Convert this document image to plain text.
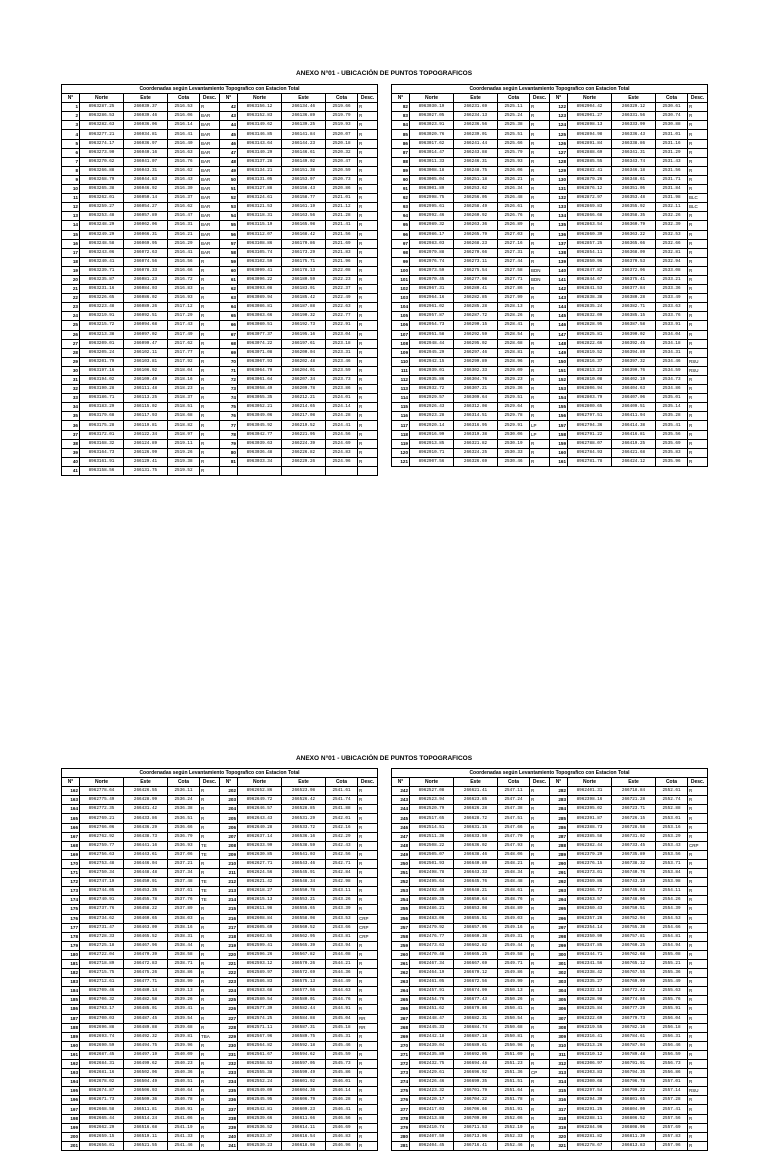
ANEXO N°01 - UBICACIÓN DE PUNTOS TOPOGRAFICOS
ANEXO N°01 - UBICACIÓN DE PUNTOS TOPOGRAFICOS
Coordenadas según Levantamiento Topografico con Estacion Total									
N°	Norte	Este	Cota	Desc.	N°	Norte	Este	Cota	Desc.
1	8963287.25	266039.37	2516.53	R	42	8963156.12	266134.46	2519.66	R
2	8963286.53	266039.46	2516.06	BAR	43	8963152.83	266136.89	2519.79	R
3	8963282.63	266036.06	2516.14	BAR	44	8963149.62	266139.25	2519.93	R
4	8963277.21	266034.81	2516.41	BAR	45	8963146.85	266141.84	2520.07	R
5	8963274.17	266036.97	2516.40	BAR	46	8963143.64	266144.23	2520.18	R
6	8963273.90	266040.16	2516.63	BAR	47	8963140.29	266146.61	2520.32	R
7	8963270.62	266041.07	2516.76	BAR	48	8963137.28	266149.02	2520.47	R
8	8963266.88	266043.31	2516.62	BAR	49	8963134.21	266151.38	2520.59	R
9	8963268.79	266044.83	2516.43	BAR	50	8963131.05	266153.97	2520.73	R
10	8963265.38	266046.92	2516.30	BAR	51	8963127.88	266156.43	2520.86	R
11	8963262.01	266050.14	2516.37	BAR	52	8963124.61	266158.77	2521.01	R
12	8963259.27	266054.27	2516.62	BAR	53	8963121.53	266161.19	2521.12	R
13	8963253.48	266057.89	2516.47	BAR	54	8963118.31	266163.56	2521.28	R
14	8963248.29	266062.06	2516.31	BAR	55	8963115.19	266165.98	2521.41	R
15	8963249.29	266066.31	2516.21	BAR	56	8963112.07	266168.42	2521.56	R
16	8963248.58	266069.95	2516.29	BAR	57	8963108.86	266170.86	2521.69	R
17	8963243.06	266072.63	2516.41	BAR	58	8963105.74	266173.29	2521.83	R
18	8963240.41	266074.56	2516.56	R	59	8963102.59	266175.71	2521.96	R
19	8963239.71	266078.33	2516.66	R	60	8963099.41	266178.13	2522.08	R
20	8963235.87	266081.23	2516.72	R	61	8963096.22	266180.59	2522.23	R
21	8963231.16	266084.03	2516.83	R	62	8963093.08	266183.01	2522.37	R
22	8963226.65	266086.02	2516.93	R	63	8963089.94	266185.42	2522.49	R
23	8963223.48	266089.26	2517.12	R	64	8963086.81	266187.88	2522.63	R
24	8963219.91	266092.51	2517.29	R	65	8963083.66	266190.32	2522.77	R
25	8963215.72	266094.68	2517.43	R	66	8963080.51	266192.73	2522.91	R
26	8963213.38	266097.02	2517.49	R	67	8963077.37	266195.16	2523.04	R
27	8963209.01	266099.47	2517.62	R	68	8963074.22	266197.61	2523.18	R
28	8963205.24	266102.11	2517.77	R	69	8963071.08	266200.04	2523.31	R
29	8963201.79	266103.81	2517.92	R	70	8963067.93	266202.48	2523.46	R
30	8963197.16	266106.92	2518.04	R	71	8963064.79	266204.91	2523.59	R
31	8963194.02	266109.49	2518.16	R	72	8963061.64	266207.34	2523.73	R
32	8963190.28	266111.48	2518.23	R	73	8963058.49	266209.78	2523.86	R
33	8963186.71	266113.25	2518.37	R	74	8963055.35	266212.21	2524.01	R
34	8963183.29	266115.02	2518.51	R	75	8963052.21	266214.65	2524.14	R
35	8963179.68	266117.93	2518.68	R	76	8963049.06	266217.08	2524.28	R
36	8963175.28	266119.81	2518.82	R	77	8963045.92	266219.52	2524.41	R
37	8963172.01	266122.34	2518.97	R	78	8963042.77	266221.95	2524.56	R
38	8963168.32	266124.89	2519.11	R	79	8963039.63	266224.39	2524.69	R
39	8963164.73	266126.99	2519.26	R	80	8963036.48	266226.82	2524.83	R
40	8963161.91	266129.41	2519.38	R	81	8963033.34	266229.26	2524.96	R
41	8963158.56	266131.75	2519.52	R					
Coordenadas según Levantamiento Topografico con Estacion Total									
N°	Norte	Este	Cota	Desc.	N°	Norte	Este	Cota	Desc.
82	8963030.19	266231.69	2525.11	R	122	8962904.42	266329.12	2530.61	R
83	8963027.05	266234.13	2525.24	R	123	8962901.27	266331.56	2530.74	R
84	8963023.91	266236.56	2525.38	R	124	8962898.13	266333.99	2530.88	R
85	8963020.76	266239.01	2525.51	R	125	8962894.98	266336.43	2531.01	R
86	8963017.62	266241.44	2525.66	R	126	8962891.84	266338.86	2531.16	R
87	8963014.47	266243.88	2525.79	R	127	8962888.69	266341.31	2531.29	R
88	8963011.33	266246.31	2525.93	R	128	8962885.55	266343.74	2531.43	R
89	8963008.18	266248.75	2526.06	R	129	8962882.41	266346.18	2531.56	R
90	8963005.04	266251.18	2526.21	R	130	8962879.26	266348.61	2531.71	R
91	8963001.89	266253.62	2526.34	R	131	8962876.12	266351.05	2531.84	R
92	8962998.75	266256.05	2526.48	R	132	8962872.97	266353.48	2531.98	BLC
93	8962995.61	266258.49	2526.61	R	133	8962869.83	266355.92	2532.11	BLC
94	8962992.46	266260.92	2526.76	R	134	8962866.68	266358.35	2532.26	R
95	8962989.32	266263.36	2526.89	R	135	8962863.54	266360.79	2532.39	R
96	8962986.17	266265.79	2527.03	R	136	8962860.39	266363.22	2532.53	R
97	8962983.03	266268.23	2527.16	R	137	8962857.25	266365.66	2532.66	R
98	8962979.88	266270.66	2527.31	R	138	8962854.11	266368.09	2532.81	R
99	8962976.74	266273.11	2527.44	R	139	8962850.96	266370.53	2532.94	R
100	8962973.59	266275.54	2527.58	BDN	140	8962847.82	266372.96	2533.08	R
101	8962970.45	266277.98	2527.71	BDN	141	8962844.67	266375.41	2533.21	R
102	8962967.31	266280.41	2527.86	R	142	8962841.53	266377.84	2533.36	R
103	8962964.16	266282.85	2527.99	R	143	8962838.38	266380.28	2533.49	R
104	8962961.02	266285.28	2528.13	R	144	8962835.24	266382.71	2533.63	R
105	8962957.87	266287.72	2528.26	R	145	8962832.09	266385.15	2533.76	R
106	8962954.73	266290.15	2528.41	R	146	8962828.95	266387.58	2533.91	R
107	8962951.58	266292.59	2528.54	R	147	8962825.81	266390.02	2534.04	R
108	8962948.44	266295.02	2528.68	R	148	8962822.66	266392.45	2534.18	R
109	8962945.29	266297.46	2528.81	R	149	8962819.52	266394.89	2534.31	R
110	8962942.15	266299.89	2528.96	R	150	8962816.37	266397.32	2534.46	RSU
111	8962939.01	266302.33	2529.09	R	151	8962813.23	266399.76	2534.59	RSU
112	8962935.86	266304.76	2529.23	R	152	8962810.08	266402.19	2534.73	R
113	8962932.72	266307.21	2529.36	R	153	8962806.94	266404.63	2534.86	R
114	8962929.57	266309.64	2529.51	R	154	8962803.79	266407.06	2535.01	R
115	8962926.43	266312.08	2529.64	R	155	8962800.65	266409.51	2535.14	R
116	8962923.28	266314.51	2529.78	R	156	8962797.51	266411.94	2535.28	R
117	8962920.14	266316.95	2529.91	LP	157	8962794.36	266414.38	2535.41	R
118	8962916.99	266319.38	2530.06	LP	158	8962791.22	266416.81	2535.56	R
119	8962913.85	266321.82	2530.19	R	159	8962788.07	266419.25	2535.69	R
120	8962910.71	266324.25	2530.33	R	160	8962784.93	266421.68	2535.83	R
121	8962907.56	266326.69	2530.46	R	161	8962781.78	266424.12	2535.96	R
Coordenadas según Levantamiento Topografico con Estacion Total									
N°	Norte	Este	Cota	Desc.	N°	Norte	Este	Cota	Desc.
162	8962778.64	266426.55	2536.11	R	202	8962652.86	266523.98	2541.61	R
163	8962775.49	266428.99	2536.24	R	203	8962649.72	266526.42	2541.74	R
164	8962772.35	266431.42	2536.38	R	204	8962646.57	266528.85	2541.88	R
165	8962769.21	266433.86	2536.51	R	205	8962643.43	266531.29	2542.01	R
166	8962766.06	266436.29	2536.66	R	206	8962640.28	266533.72	2542.16	R
167	8962762.92	266438.73	2536.79	R	207	8962637.14	266536.16	2542.29	R
168	8962759.77	266441.16	2536.93	TE	208	8962633.99	266538.59	2542.43	R
169	8962756.63	266443.61	2537.06	TE	209	8962630.85	266541.03	2542.56	R
170	8962753.48	266446.04	2537.21	R	210	8962627.71	266543.46	2542.71	R
171	8962750.34	266448.48	2537.34	R	211	8962624.56	266545.91	2542.84	R
172	8962747.19	266450.91	2537.48	TE	212	8962621.42	266548.34	2542.98	R
173	8962744.05	266453.35	2537.61	TE	213	8962618.27	266550.78	2543.11	R
174	8962740.91	266455.78	2537.76	TE	214	8962615.13	266553.21	2543.26	R
175	8962737.76	266458.22	2537.89	R	215	8962611.98	266555.65	2543.39	R
176	8962734.62	266460.65	2538.03	R	216	8962608.84	266558.08	2543.53	CRP
177	8962731.47	266463.09	2538.16	R	217	8962605.69	266560.52	2543.66	CRP
178	8962728.33	266465.52	2538.31	R	218	8962602.55	266562.95	2543.81	CRP
179	8962725.18	266467.96	2538.44	R	219	8962599.41	266565.39	2543.94	R
180	8962722.04	266470.39	2538.58	R	220	8962596.26	266567.82	2544.08	R
181	8962718.89	266472.83	2538.71	R	221	8962593.12	266570.26	2544.21	R
182	8962715.75	266475.26	2538.86	R	222	8962589.97	266572.69	2544.36	R
183	8962712.61	266477.71	2538.99	R	223	8962586.83	266575.13	2544.49	R
184	8962709.46	266480.14	2539.13	R	224	8962583.68	266577.56	2544.63	R
185	8962706.32	266482.58	2539.26	R	225	8962580.54	266580.01	2544.76	R
186	8962703.17	266485.01	2539.41	R	226	8962577.39	266582.44	2544.91	R
187	8962700.03	266487.45	2539.54	R	227	8962574.25	266584.88	2545.04	RR
188	8962696.88	266489.88	2539.68	R	228	8962571.11	266587.31	2545.18	RR
189	8962693.74	266492.32	2539.81	TBA	229	8962567.96	266589.75	2545.31	R
190	8962690.59	266494.75	2539.96	R	230	8962564.82	266592.18	2545.46	R
191	8962687.45	266497.19	2540.09	R	231	8962561.67	266594.62	2545.59	R
192	8962684.31	266499.62	2540.23	R	232	8962558.53	266597.05	2545.73	R
193	8962681.16	266502.06	2540.36	R	233	8962555.38	266599.49	2545.86	R
194	8962678.02	266504.49	2540.51	R	234	8962552.24	266601.92	2546.01	R
195	8962674.87	266506.93	2540.64	R	235	8962549.09	266604.36	2546.14	R
196	8962671.73	266509.36	2540.78	R	236	8962545.95	266606.79	2546.28	R
197	8962668.58	266511.81	2540.91	R	237	8962542.81	266609.23	2546.41	R
198	8962665.44	266514.24	2541.06	R	238	8962539.66	266611.66	2546.56	R
199	8962662.29	266516.68	2541.19	R	239	8962536.52	266614.11	2546.69	R
200	8962659.15	266519.11	2541.33	R	240	8962533.37	266616.54	2546.83	R
201	8962656.01	266521.55	2541.46	R	241	8962530.23	266618.98	2546.96	R
Coordenadas según Levantamiento Topografico con Estacion Total									
N°	Norte	Este	Cota	Desc.	N°	Norte	Este	Cota	Desc.
242	8962527.08	266621.41	2547.11	R	282	8962401.31	266718.84	2552.61	R
243	8962523.94	266623.85	2547.24	R	283	8962398.16	266721.28	2552.74	R
244	8962520.79	266626.28	2547.38	R	284	8962395.02	266723.71	2552.88	R
245	8962517.65	266628.72	2547.51	R	285	8962391.87	266726.15	2553.01	R
246	8962514.51	266631.15	2547.66	R	286	8962388.73	266728.58	2553.16	R
247	8962511.36	266633.59	2547.79	R	287	8962385.58	266731.02	2553.29	R
248	8962508.22	266636.02	2547.93	R	288	8962382.44	266733.45	2553.43	CRP
249	8962505.07	266638.46	2548.06	R	289	8962379.29	266735.89	2553.56	R
250	8962501.93	266640.89	2548.21	R	290	8962376.15	266738.32	2553.71	R
251	8962498.78	266643.33	2548.34	R	291	8962373.01	266740.76	2553.84	R
252	8962495.64	266645.76	2548.48	R	292	8962369.86	266743.19	2553.98	R
253	8962492.49	266648.21	2548.61	R	293	8962366.72	266745.63	2554.11	R
254	8962489.35	266650.64	2548.76	R	294	8962363.57	266748.06	2554.26	R
255	8962486.21	266653.08	2548.89	R	295	8962360.43	266750.51	2554.39	R
256	8962483.06	266655.51	2549.03	R	296	8962357.28	266752.94	2554.53	R
257	8962479.92	266657.95	2549.16	R	297	8962354.14	266755.38	2554.66	R
258	8962476.77	266660.38	2549.31	R	298	8962350.99	266757.81	2554.81	R
259	8962473.63	266662.82	2549.44	R	299	8962347.85	266760.25	2554.94	R
260	8962470.48	266665.25	2549.58	R	300	8962344.71	266762.68	2555.08	R
261	8962467.34	266667.69	2549.71	R	301	8962341.56	266765.12	2555.21	R
262	8962464.19	266670.12	2549.86	R	302	8962338.42	266767.55	2555.36	R
263	8962461.05	266672.56	2549.99	R	303	8962335.27	266769.99	2555.49	R
264	8962457.91	266674.99	2550.13	R	304	8962332.13	266772.42	2555.63	R
265	8962454.76	266677.43	2550.26	R	305	8962328.98	266774.86	2555.76	R
266	8962451.62	266679.86	2550.41	R	306	8962325.84	266777.29	2555.91	R
267	8962448.47	266682.31	2550.54	R	307	8962322.69	266779.73	2556.04	R
268	8962445.33	266684.74	2550.68	R	308	8962319.55	266782.16	2556.18	R
269	8962442.18	266687.18	2550.81	R	309	8962316.41	266784.61	2556.31	R
270	8962439.04	266689.61	2550.96	R	310	8962313.26	266787.04	2556.46	R
271	8962435.89	266692.05	2551.09	R	311	8962310.12	266789.48	2556.59	R
272	8962432.75	266694.48	2551.23	R	312	8962306.97	266791.91	2556.73	R
273	8962429.61	266696.92	2551.36	CP	313	8962303.83	266794.35	2556.86	R
274	8962426.46	266699.35	2551.51	R	314	8962300.68	266796.78	2557.01	R
275	8962423.32	266701.79	2551.64	R	315	8962297.54	266799.22	2557.14	RSU
276	8962420.17	266704.22	2551.78	R	316	8962294.39	266801.65	2557.28	R
277	8962417.03	266706.66	2551.91	R	317	8962291.25	266804.09	2557.41	R
278	8962413.88	266709.09	2552.06	R	318	8962288.11	266806.52	2557.56	R
279	8962410.74	266711.53	2552.19	R	319	8962284.96	266808.96	2557.69	R
280	8962407.59	266713.96	2552.33	R	320	8962281.82	266811.39	2557.83	R
281	8962404.45	266716.41	2552.46	R	321	8962278.67	266813.83	2557.96	R
